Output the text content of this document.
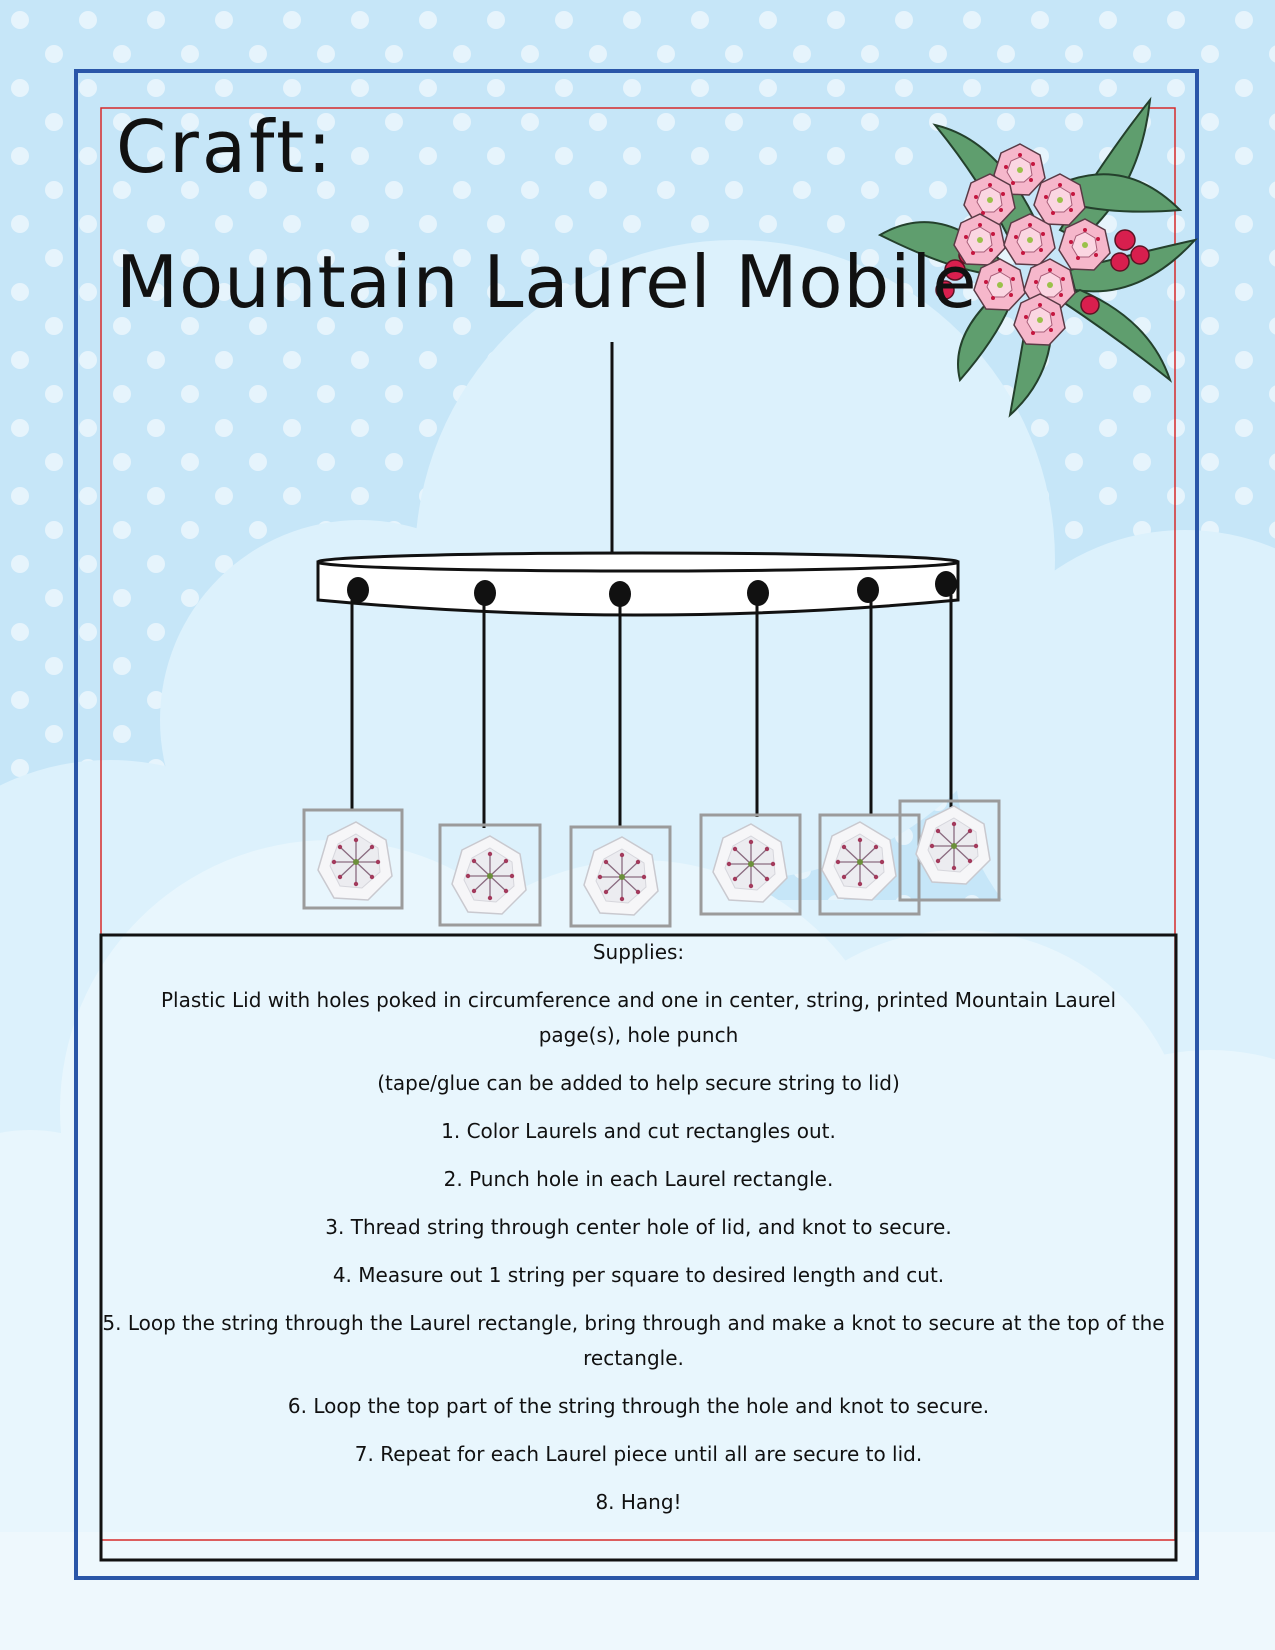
Craft:
Mountain Laurel Mobile

Supplies:

Plastic Lid with holes poked in circumference and one in center, string, printed Mountain Laurel page(s), hole punch

(tape/glue can be added to help secure string to lid)

1. Color Laurels and cut rectangles out.

2. Punch hole in each Laurel rectangle.

3. Thread string through center hole of lid, and knot to secure.

4. Measure out 1 string per square to desired length and cut.

5. Loop the string through the Laurel rectangle, bring through and make a knot to secure at the top of the rectangle.

6. Loop the top part of the string through the hole and knot to secure.

7. Repeat for each Laurel piece until all are secure to lid.

8. Hang!
